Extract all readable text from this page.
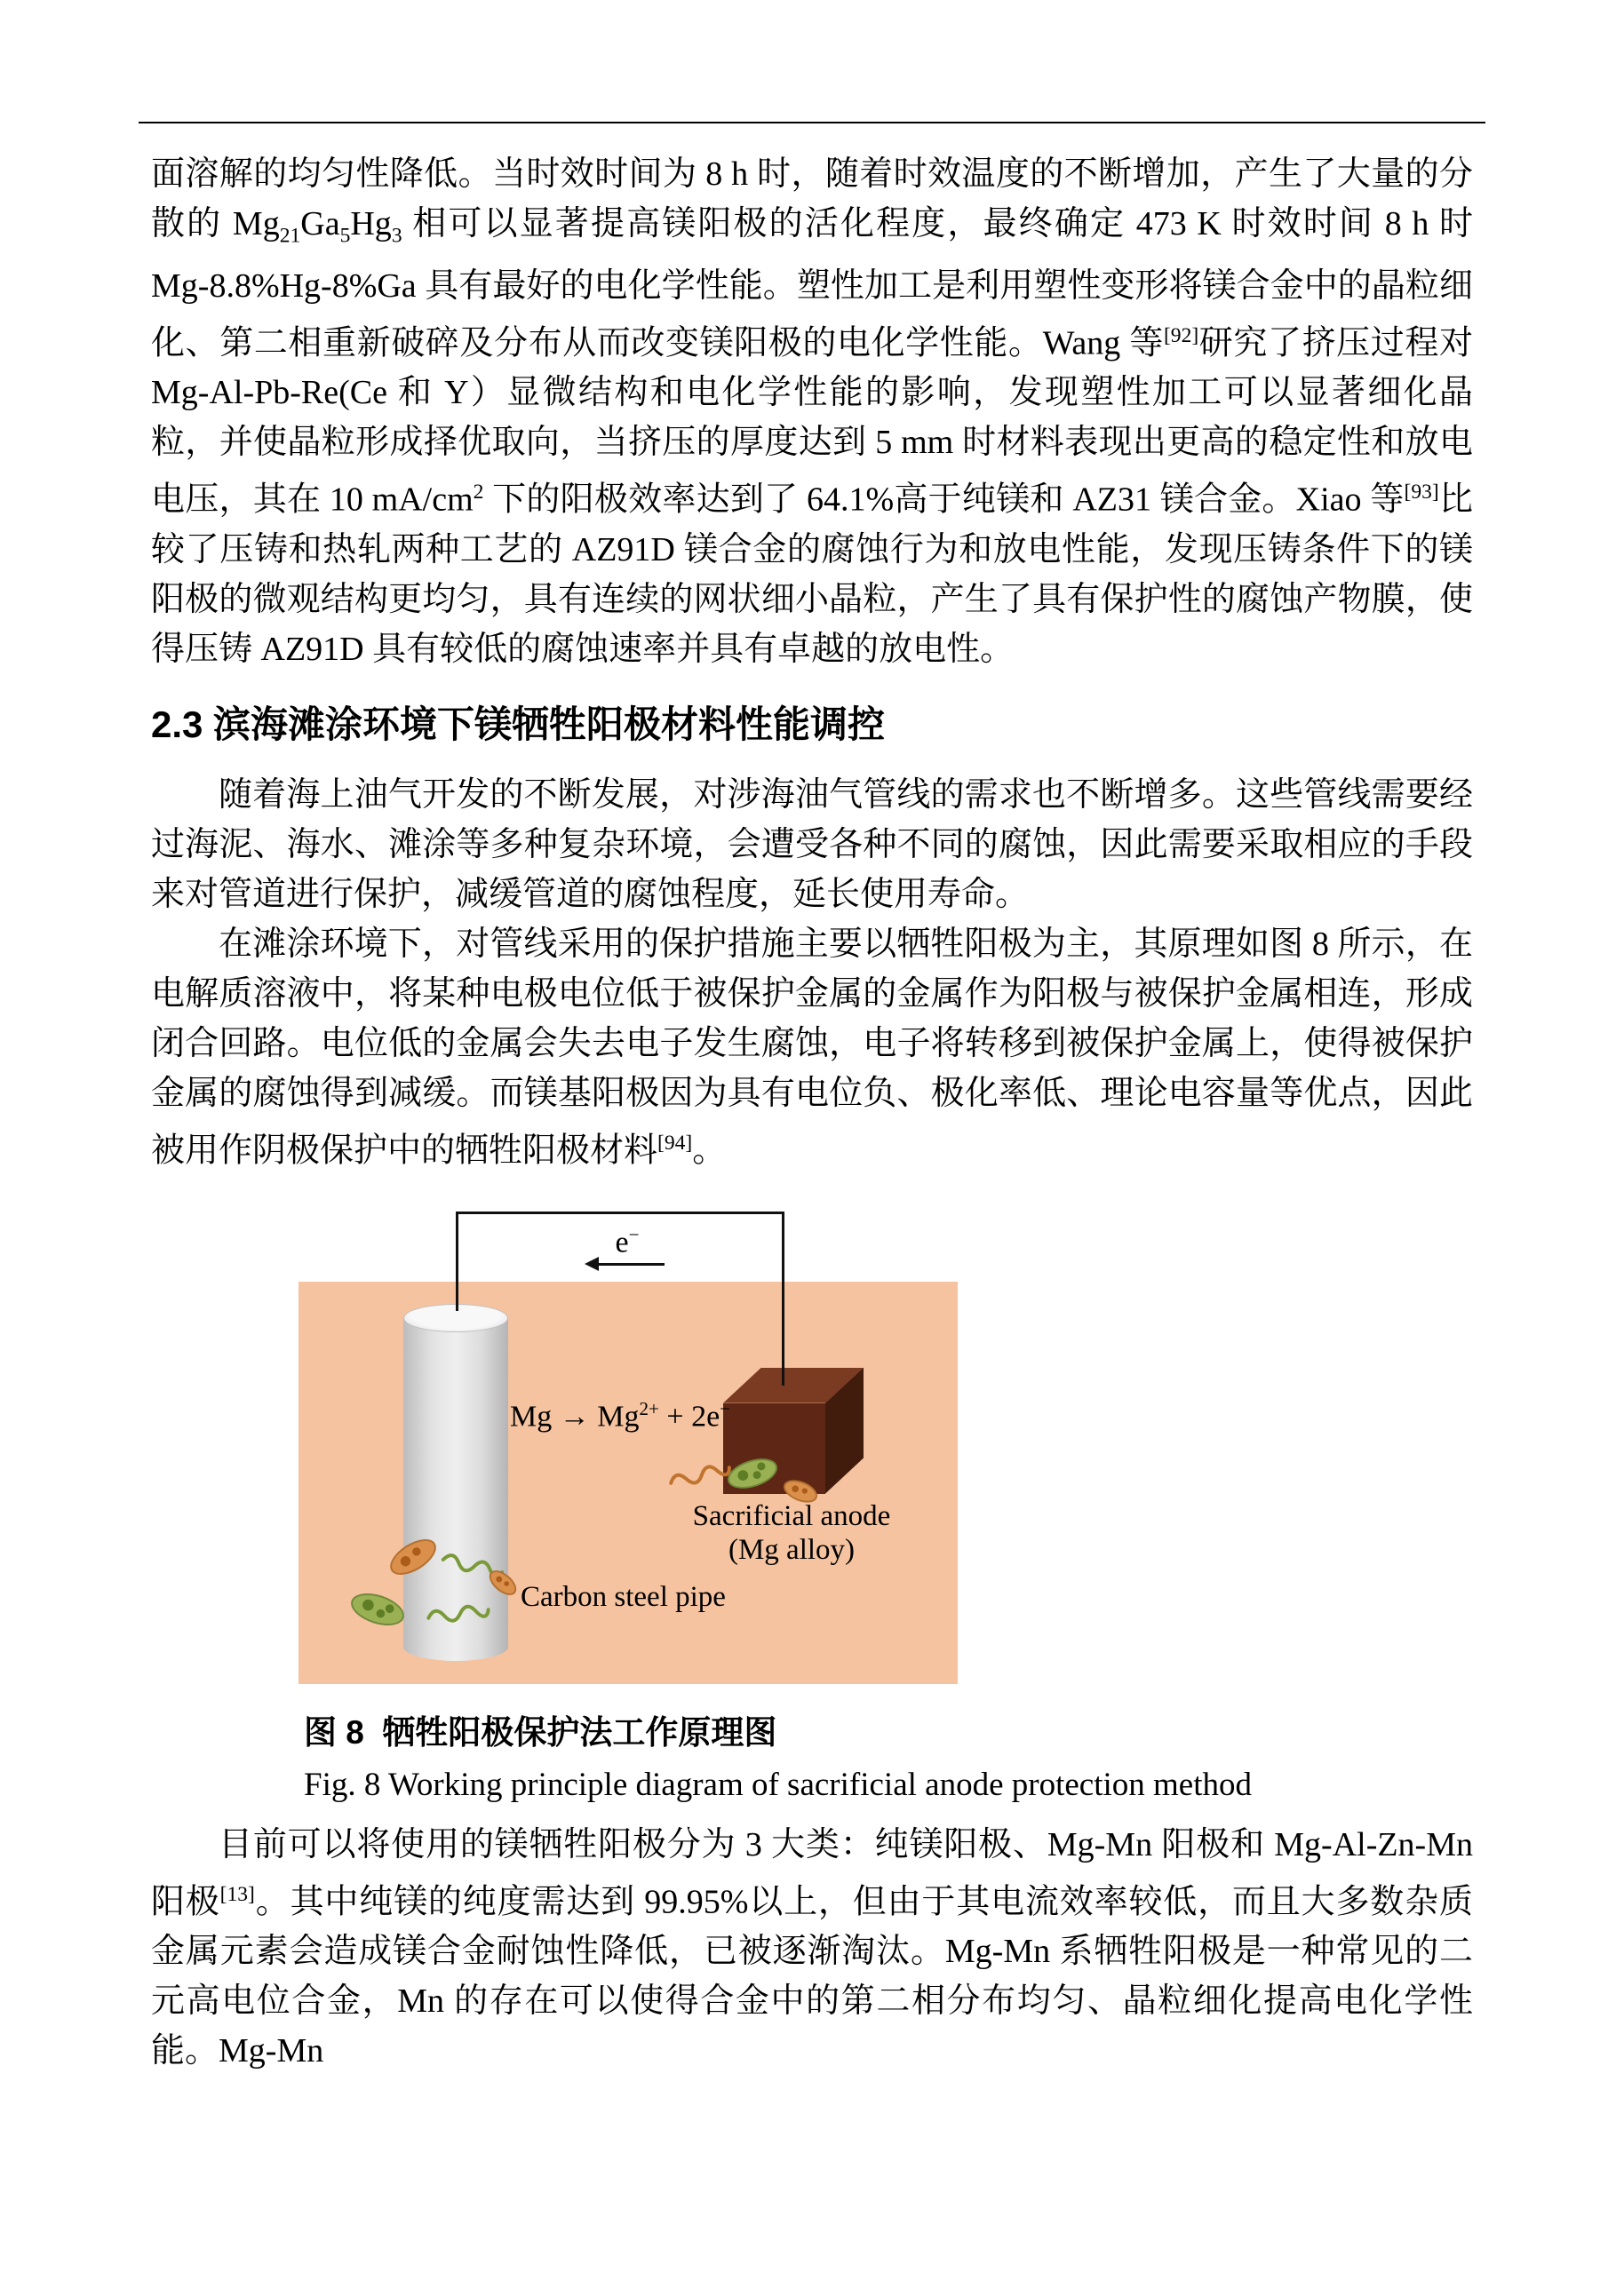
面溶解的均匀性降低。当时效时间为 8 h 时，随着时效温度的不断增加，产生了大量的分散的 $Mg_{21}Ga_5Hg_3$ 相可以显著提高镁阳极的活化程度，最终确定 473 K 时效时间 8 h 时 Mg-8.8%Hg-8%Ga 具有最好的电化学性能。塑性加工是利用塑性变形将镁合金中的晶粒细化、第二相重新破碎及分布从而改变镁阳极的电化学性能。Wang 等[92]研究了挤压过程对 Mg-Al-Pb-Re(Ce 和 Y）显微结构和电化学性能的影响，发现塑性加工可以显著细化晶粒，并使晶粒形成择优取向，当挤压的厚度达到 5 mm 时材料表现出更高的稳定性和放电电压，其在 10 $mA/cm^2$ 下的阳极效率达到了 64.1%高于纯镁和 AZ31 镁合金。Xiao 等[93]比较了压铸和热轧两种工艺的 AZ91D 镁合金的腐蚀行为和放电性能，发现压铸条件下的镁阳极的微观结构更均匀，具有连续的网状细小晶粒，产生了具有保护性的腐蚀产物膜，使得压铸 AZ91D 具有较低的腐蚀速率并具有卓越的放电性。

2.3 滨海滩涂环境下镁牺牲阳极材料性能调控

随着海上油气开发的不断发展，对涉海油气管线的需求也不断增多。这些管线需要经过海泥、海水、滩涂等多种复杂环境，会遭受各种不同的腐蚀，因此需要采取相应的手段来对管道进行保护，减缓管道的腐蚀程度，延长使用寿命。

在滩涂环境下，对管线采用的保护措施主要以牺牲阳极为主，其原理如图 8 所示，在电解质溶液中，将某种电极电位低于被保护金属的金属作为阳极与被保护金属相连，形成闭合回路。电位低的金属会失去电子发生腐蚀，电子将转移到被保护金属上，使得被保护金属的腐蚀得到减缓。而镁基阳极因为具有电位负、极化率低、理论电容量等优点，因此被用作阴极保护中的牺牲阳极材料[94]。

e−
$Mg \to Mg^{2+} + 2e^-$
Sacrificial anode
(Mg alloy)
Carbon steel pipe

图 8  牺牲阳极保护法工作原理图

Fig. 8 Working principle diagram of sacrificial anode protection method

目前可以将使用的镁牺牲阳极分为 3 大类：纯镁阳极、Mg-Mn 阳极和 Mg-Al-Zn-Mn 阳极[13]。其中纯镁的纯度需达到 99.95%以上，但由于其电流效率较低，而且大多数杂质金属元素会造成镁合金耐蚀性降低，已被逐渐淘汰。Mg-Mn 系牺牲阳极是一种常见的二元高电位合金，Mn 的存在可以使得合金中的第二相分布均匀、晶粒细化提高电化学性能。Mg-Mn
